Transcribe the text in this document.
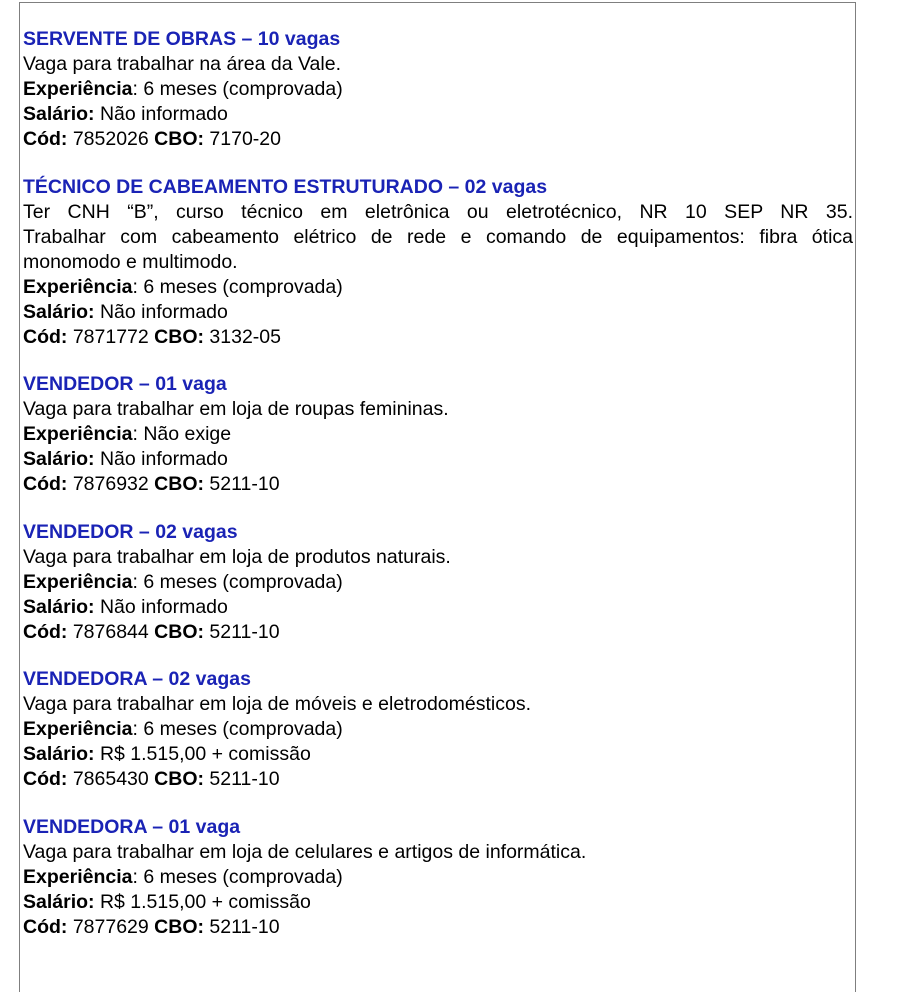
SERVENTE DE OBRAS – 10 vagas
Vaga para trabalhar na área da Vale.
Experiência: 6 meses (comprovada)
Salário: Não informado
Cód: 7852026 CBO: 7170-20
TÉCNICO DE CABEAMENTO ESTRUTURADO – 02 vagas
Ter CNH “B”, curso técnico em eletrônica ou eletrotécnico, NR 10 SEP NR 35.
Trabalhar com cabeamento elétrico de rede e comando de equipamentos: fibra ótica
monomodo e multimodo.
Experiência: 6 meses (comprovada)
Salário: Não informado
Cód: 7871772 CBO: 3132-05
VENDEDOR – 01 vaga
Vaga para trabalhar em loja de roupas femininas.
Experiência: Não exige
Salário: Não informado
Cód: 7876932 CBO: 5211-10
VENDEDOR – 02 vagas
Vaga para trabalhar em loja de produtos naturais.
Experiência: 6 meses (comprovada)
Salário: Não informado
Cód: 7876844 CBO: 5211-10
VENDEDORA – 02 vagas
Vaga para trabalhar em loja de móveis e eletrodomésticos.
Experiência: 6 meses (comprovada)
Salário: R$ 1.515,00 + comissão
Cód: 7865430 CBO: 5211-10
VENDEDORA – 01 vaga
Vaga para trabalhar em loja de celulares e artigos de informática.
Experiência: 6 meses (comprovada)
Salário: R$ 1.515,00 + comissão
Cód: 7877629 CBO: 5211-10
